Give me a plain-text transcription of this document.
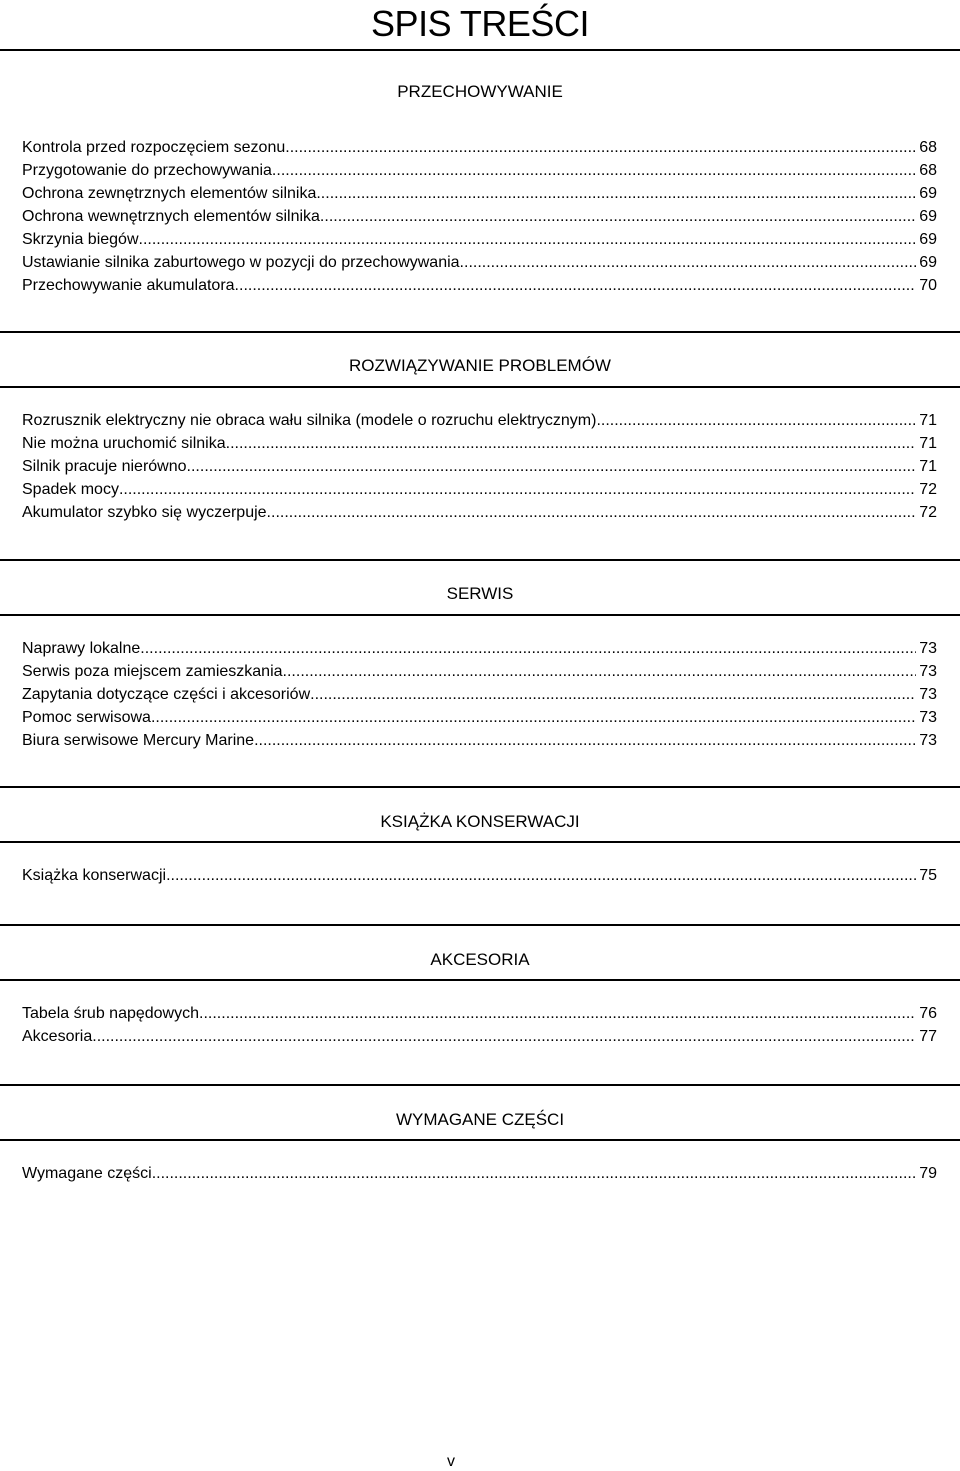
SPIS TREŚCI
PRZECHOWYWANIE
Kontrola przed rozpoczęciem sezonu .....	68
Przygotowanie do przechowywania .....	68
Ochrona zewnętrznych elementów silnika .....	69
Ochrona wewnętrznych elementów silnika .....	69
Skrzynia biegów .....	69
Ustawianie silnika zaburtowego w pozycji do przechowywania .....	69
Przechowywanie akumulatora .....	70
ROZWIĄZYWANIE PROBLEMÓW
Rozrusznik elektryczny nie obraca wału silnika (modele o rozruchu elektrycznym) .....	71
Nie można uruchomić silnika .....	71
Silnik pracuje nierówno .....	71
Spadek mocy .....	72
Akumulator szybko się wyczerpuje .....	72
SERWIS
Naprawy lokalne .....	73
Serwis poza miejscem zamieszkania .....	73
Zapytania dotyczące części i akcesoriów .....	73
Pomoc serwisowa .....	73
Biura serwisowe Mercury Marine .....	73
KSIĄŻKA KONSERWACJI
Książka konserwacji .....	75
AKCESORIA
Tabela śrub napędowych .....	76
Akcesoria .....	77
WYMAGANE CZĘŚCI
Wymagane części .....	79
v
